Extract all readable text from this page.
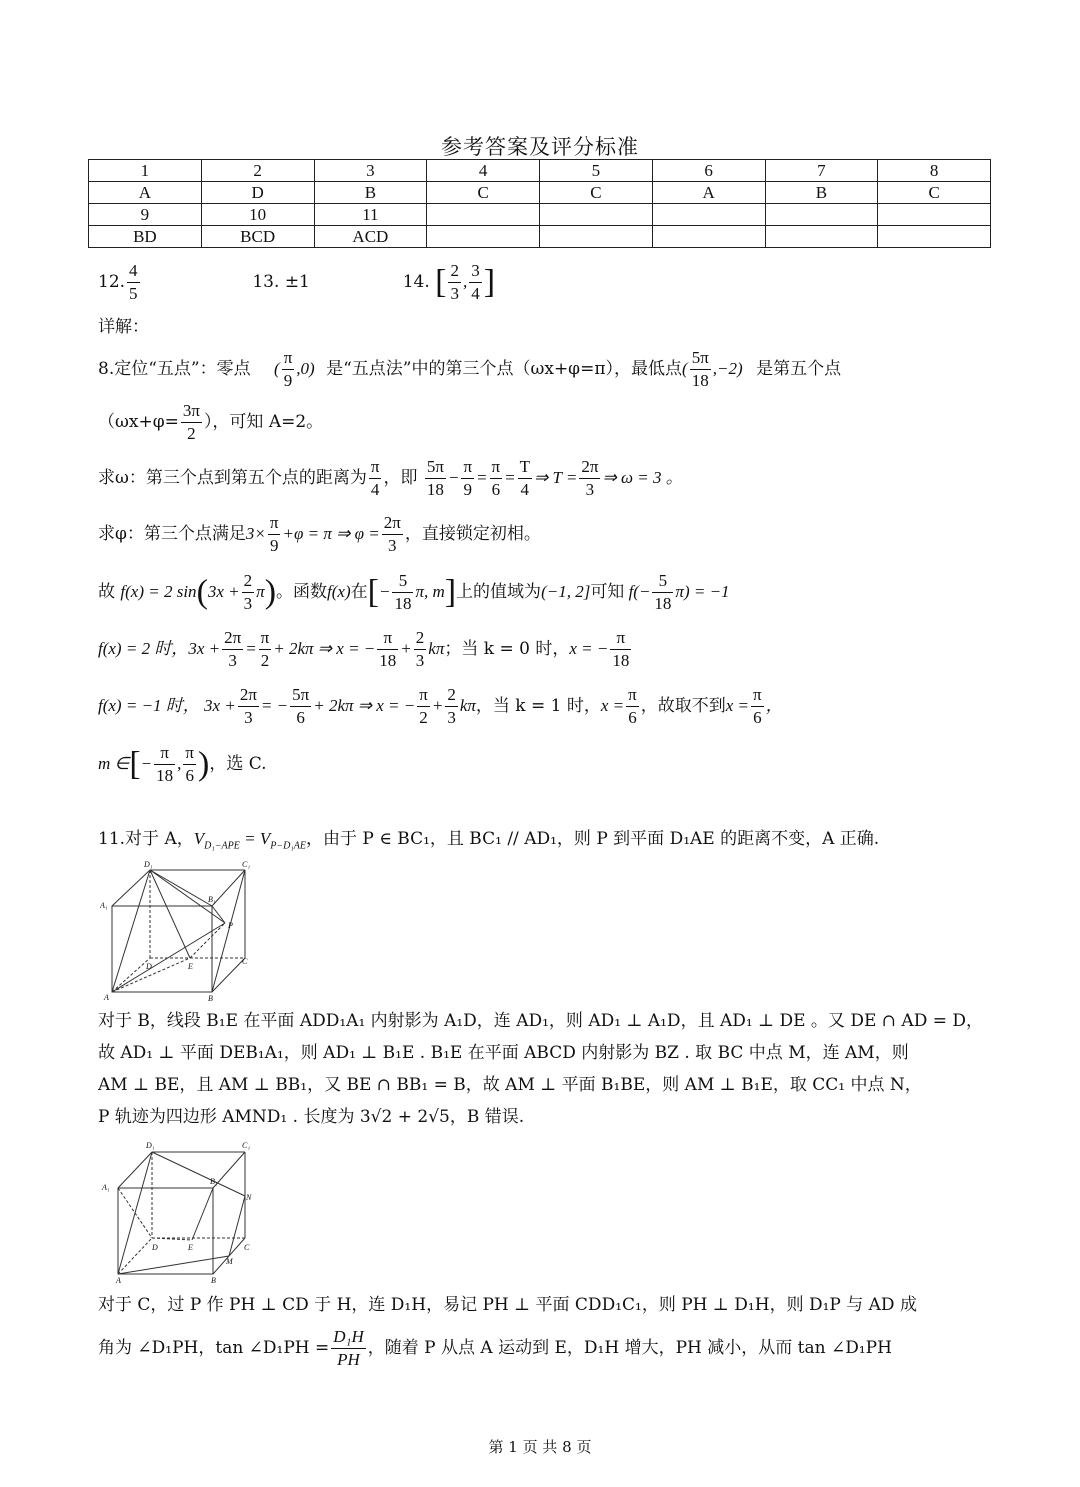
参考答案及评分标准
1	2	3	4	5	6	7	8
A	D	B	C	C	A	B	C
9	10	11					
BD	BCD	ACD					
12. $\frac{4}{5}$	13. ±1	14. [ $\frac{2}{3}$ , $\frac{3}{4}$ ]
详解：
8.定位“五点”：零点 ( $\frac{\pi}{9} ,0$) 是“五点法”中的第三个点（ωx+φ=π），最低点( $\frac{5\pi}{18} ,-2$) 是第五个点
（$\omega x+\varphi= \frac{3\pi}{2}$ ），可知 A=2。
求ω：第三个点到第五个点的距离为 $\frac{\pi}{4}$ ，即 $\frac{5\pi}{18} - \frac{\pi}{9} = \frac{\pi}{6} = \frac{T}{4}$ ⇒ $T = \frac{2\pi}{3}$ ⇒ ω = 3 。
求φ：第三个点满足$3\times \frac{\pi}{9} +\varphi = \pi$ ⇒ $\varphi = \frac{2\pi}{3}$ ，直接锁定初相。
故 f(x) = 2 $\sin(3x + \frac{2}{3} \pi)$。函数f(x)在[− $\frac{5}{18} \pi$, m]上的值域为(−1, 2]可知 $f(- \frac{5}{18} \pi) = -1$
f(x) = 2 时，$3x + \frac{2\pi}{3} = \frac{\pi}{2} + 2k\pi$ ⇒ x = − $\frac{\pi}{18} + \frac{2}{3}$ kπ；当 k = 0 时，x = − $\frac{\pi}{18}$
f(x) = −1 时， $3x + \frac{2\pi}{3}$ = − $\frac{5\pi}{6} + 2k\pi$ ⇒ x = − $\frac{\pi}{2} + \frac{2}{3}$ kπ，当 k = 1 时，$x = \frac{\pi}{6}$ ，故取不到$x = \frac{\pi}{6}$ ，
m ∈[− $\frac{\pi}{18}$ , $\frac{\pi}{6}$ )，选 C.
11.对于 A，$V_{D_1-APE} = V_{P-D_1AE}$，由于 P ∈ BC₁，且 BC₁ // AD₁，则 P 到平面 D₁AE 的距离不变，A 正确.
D₁	C₁
A₁
B₁
P
D	E
C
A	B
对于 B，线段 B₁E 在平面 ADD₁A₁ 内射影为 A₁D，连 AD₁，则 AD₁ ⊥ A₁D，且 AD₁ ⊥ DE 。又 DE ∩ AD = D，
故 AD₁ ⊥ 平面 DEB₁A₁，则 AD₁ ⊥ B₁E . B₁E 在平面 ABCD 内射影为 BZ . 取 BC 中点 M，连 AM，则
AM ⊥ BE，且 AM ⊥ BB₁，又 BE ∩ BB₁ = B，故 AM ⊥ 平面 B₁BE，则 AM ⊥ B₁E，取 CC₁ 中点 N，
P 轨迹为四边形 AMND₁ . 长度为 3√2 + 2√5，B 错误.
D₁	C₁
A₁
B₁
N
D	E	C
M
A	B
对于 C，过 P 作 PH ⊥ CD 于 H，连 D₁H，易记 PH ⊥ 平面 CDD₁C₁，则 PH ⊥ D₁H，则 D₁P 与 AD 成
角为 ∠D₁PH，tan ∠D₁PH = $\frac{\text{D₁H}}{PH}$ ，随着 P 从点 A 运动到 E，D₁H 增大，PH 减小，从而 tan ∠D₁PH
第 1 页 共 8 页
